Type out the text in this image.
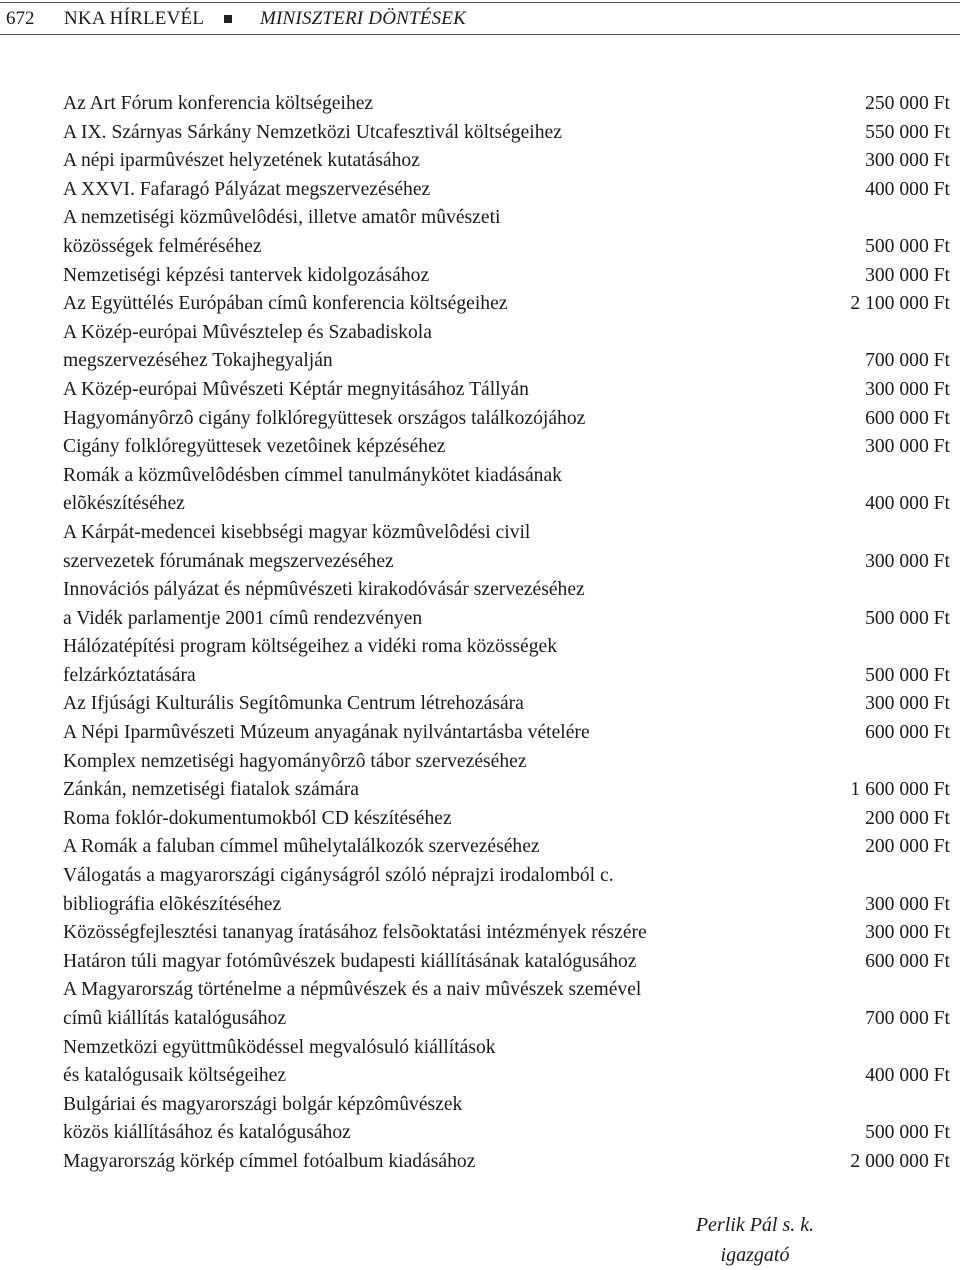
672 NKA HÍRLEVÉL	MINISZTERI DÖNTÉSEK
Az Art Fórum konferencia költségeihez	250 000 Ft
A IX. Szárnyas Sárkány Nemzetközi Utcafesztivál költségeihez	550 000 Ft
A népi iparmûvészet helyzetének kutatásához	300 000 Ft
A XXVI. Fafaragó Pályázat megszervezéséhez	400 000 Ft
A nemzetiségi közmûvelôdési, illetve amatôr mûvészeti
közösségek felméréséhez	500 000 Ft
Nemzetiségi képzési tantervek kidolgozásához	300 000 Ft
Az Együttélés Európában címû konferencia költségeihez	2 100 000 Ft
A Közép-európai Mûvésztelep és Szabadiskola
megszervezéséhez Tokajhegyalján	700 000 Ft
A Közép-európai Mûvészeti Képtár megnyitásához Tállyán	300 000 Ft
Hagyományôrzô cigány folklóregyüttesek országos találkozójához	600 000 Ft
Cigány folklóregyüttesek vezetôinek képzéséhez	300 000 Ft
Romák a közmûvelôdésben címmel tanulmánykötet kiadásának
elõkészítéséhez	400 000 Ft
A Kárpát-medencei kisebbségi magyar közmûvelôdési civil
szervezetek fórumának megszervezéséhez	300 000 Ft
Innovációs pályázat és népmûvészeti kirakodóvásár szervezéséhez
a Vidék parlamentje 2001 címû rendezvényen	500 000 Ft
Hálózatépítési program költségeihez a vidéki roma közösségek
felzárkóztatására	500 000 Ft
Az Ifjúsági Kulturális Segítômunka Centrum létrehozására	300 000 Ft
A Népi Iparmûvészeti Múzeum anyagának nyilvántartásba vételére	600 000 Ft
Komplex nemzetiségi hagyományôrzô tábor szervezéséhez
Zánkán, nemzetiségi fiatalok számára	1 600 000 Ft
Roma foklór-dokumentumokból CD készítéséhez	200 000 Ft
A Romák a faluban címmel mûhelytalálkozók szervezéséhez	200 000 Ft
Válogatás a magyarországi cigányságról szóló néprajzi irodalomból c.
bibliográfia elõkészítéséhez	300 000 Ft
Közösségfejlesztési tananyag íratásához felsõoktatási intézmények részére	300 000 Ft
Határon túli magyar fotómûvészek budapesti kiállításának katalógusához	600 000 Ft
A Magyarország történelme a népmûvészek és a naiv mûvészek szemével
címû kiállítás katalógusához	700 000 Ft
Nemzetközi együttmûködéssel megvalósuló kiállítások
és katalógusaik költségeihez	400 000 Ft
Bulgáriai és magyarországi bolgár képzômûvészek
közös kiállításához és katalógusához	500 000 Ft
Magyarország körkép címmel fotóalbum kiadásához	2 000 000 Ft
Perlik Pál s. k.
igazgató
